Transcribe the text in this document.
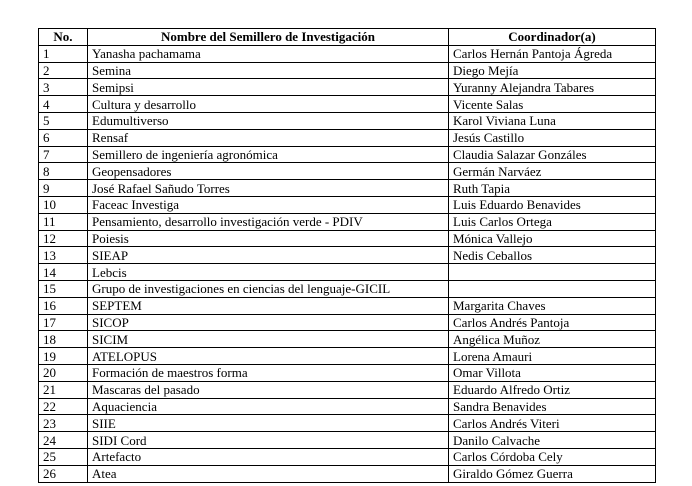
No.	Nombre del Semillero de Investigación	Coordinador(a)
1	Yanasha pachamama	Carlos Hernán Pantoja Ágreda
2	Semina	Diego Mejía
3	Semipsi	Yuranny Alejandra Tabares
4	Cultura y desarrollo	Vicente Salas
5	Edumultiverso	Karol Viviana Luna
6	Rensaf	Jesús Castillo
7	Semillero de ingeniería agronómica	Claudia Salazar Gonzáles
8	Geopensadores	Germán Narváez
9	José Rafael Sañudo Torres	Ruth Tapia
10	Faceac Investiga	Luis Eduardo Benavides
11	Pensamiento, desarrollo investigación verde - PDIV	Luis Carlos Ortega
12	Poiesis	Mónica Vallejo
13	SIEAP	Nedis Ceballos
14	Lebcis	
15	Grupo de investigaciones en ciencias del lenguaje-GICIL	
16	SEPTEM	Margarita Chaves
17	SICOP	Carlos Andrés Pantoja
18	SICIM	Angélica Muñoz
19	ATELOPUS	Lorena Amauri
20	Formación de maestros forma	Omar Villota
21	Mascaras del pasado	Eduardo Alfredo Ortiz
22	Aquaciencia	Sandra Benavides
23	SIIE	Carlos Andrés Viteri
24	SIDI Cord	Danilo Calvache
25	Artefacto	Carlos Córdoba Cely
26	Atea	Giraldo Gómez Guerra
